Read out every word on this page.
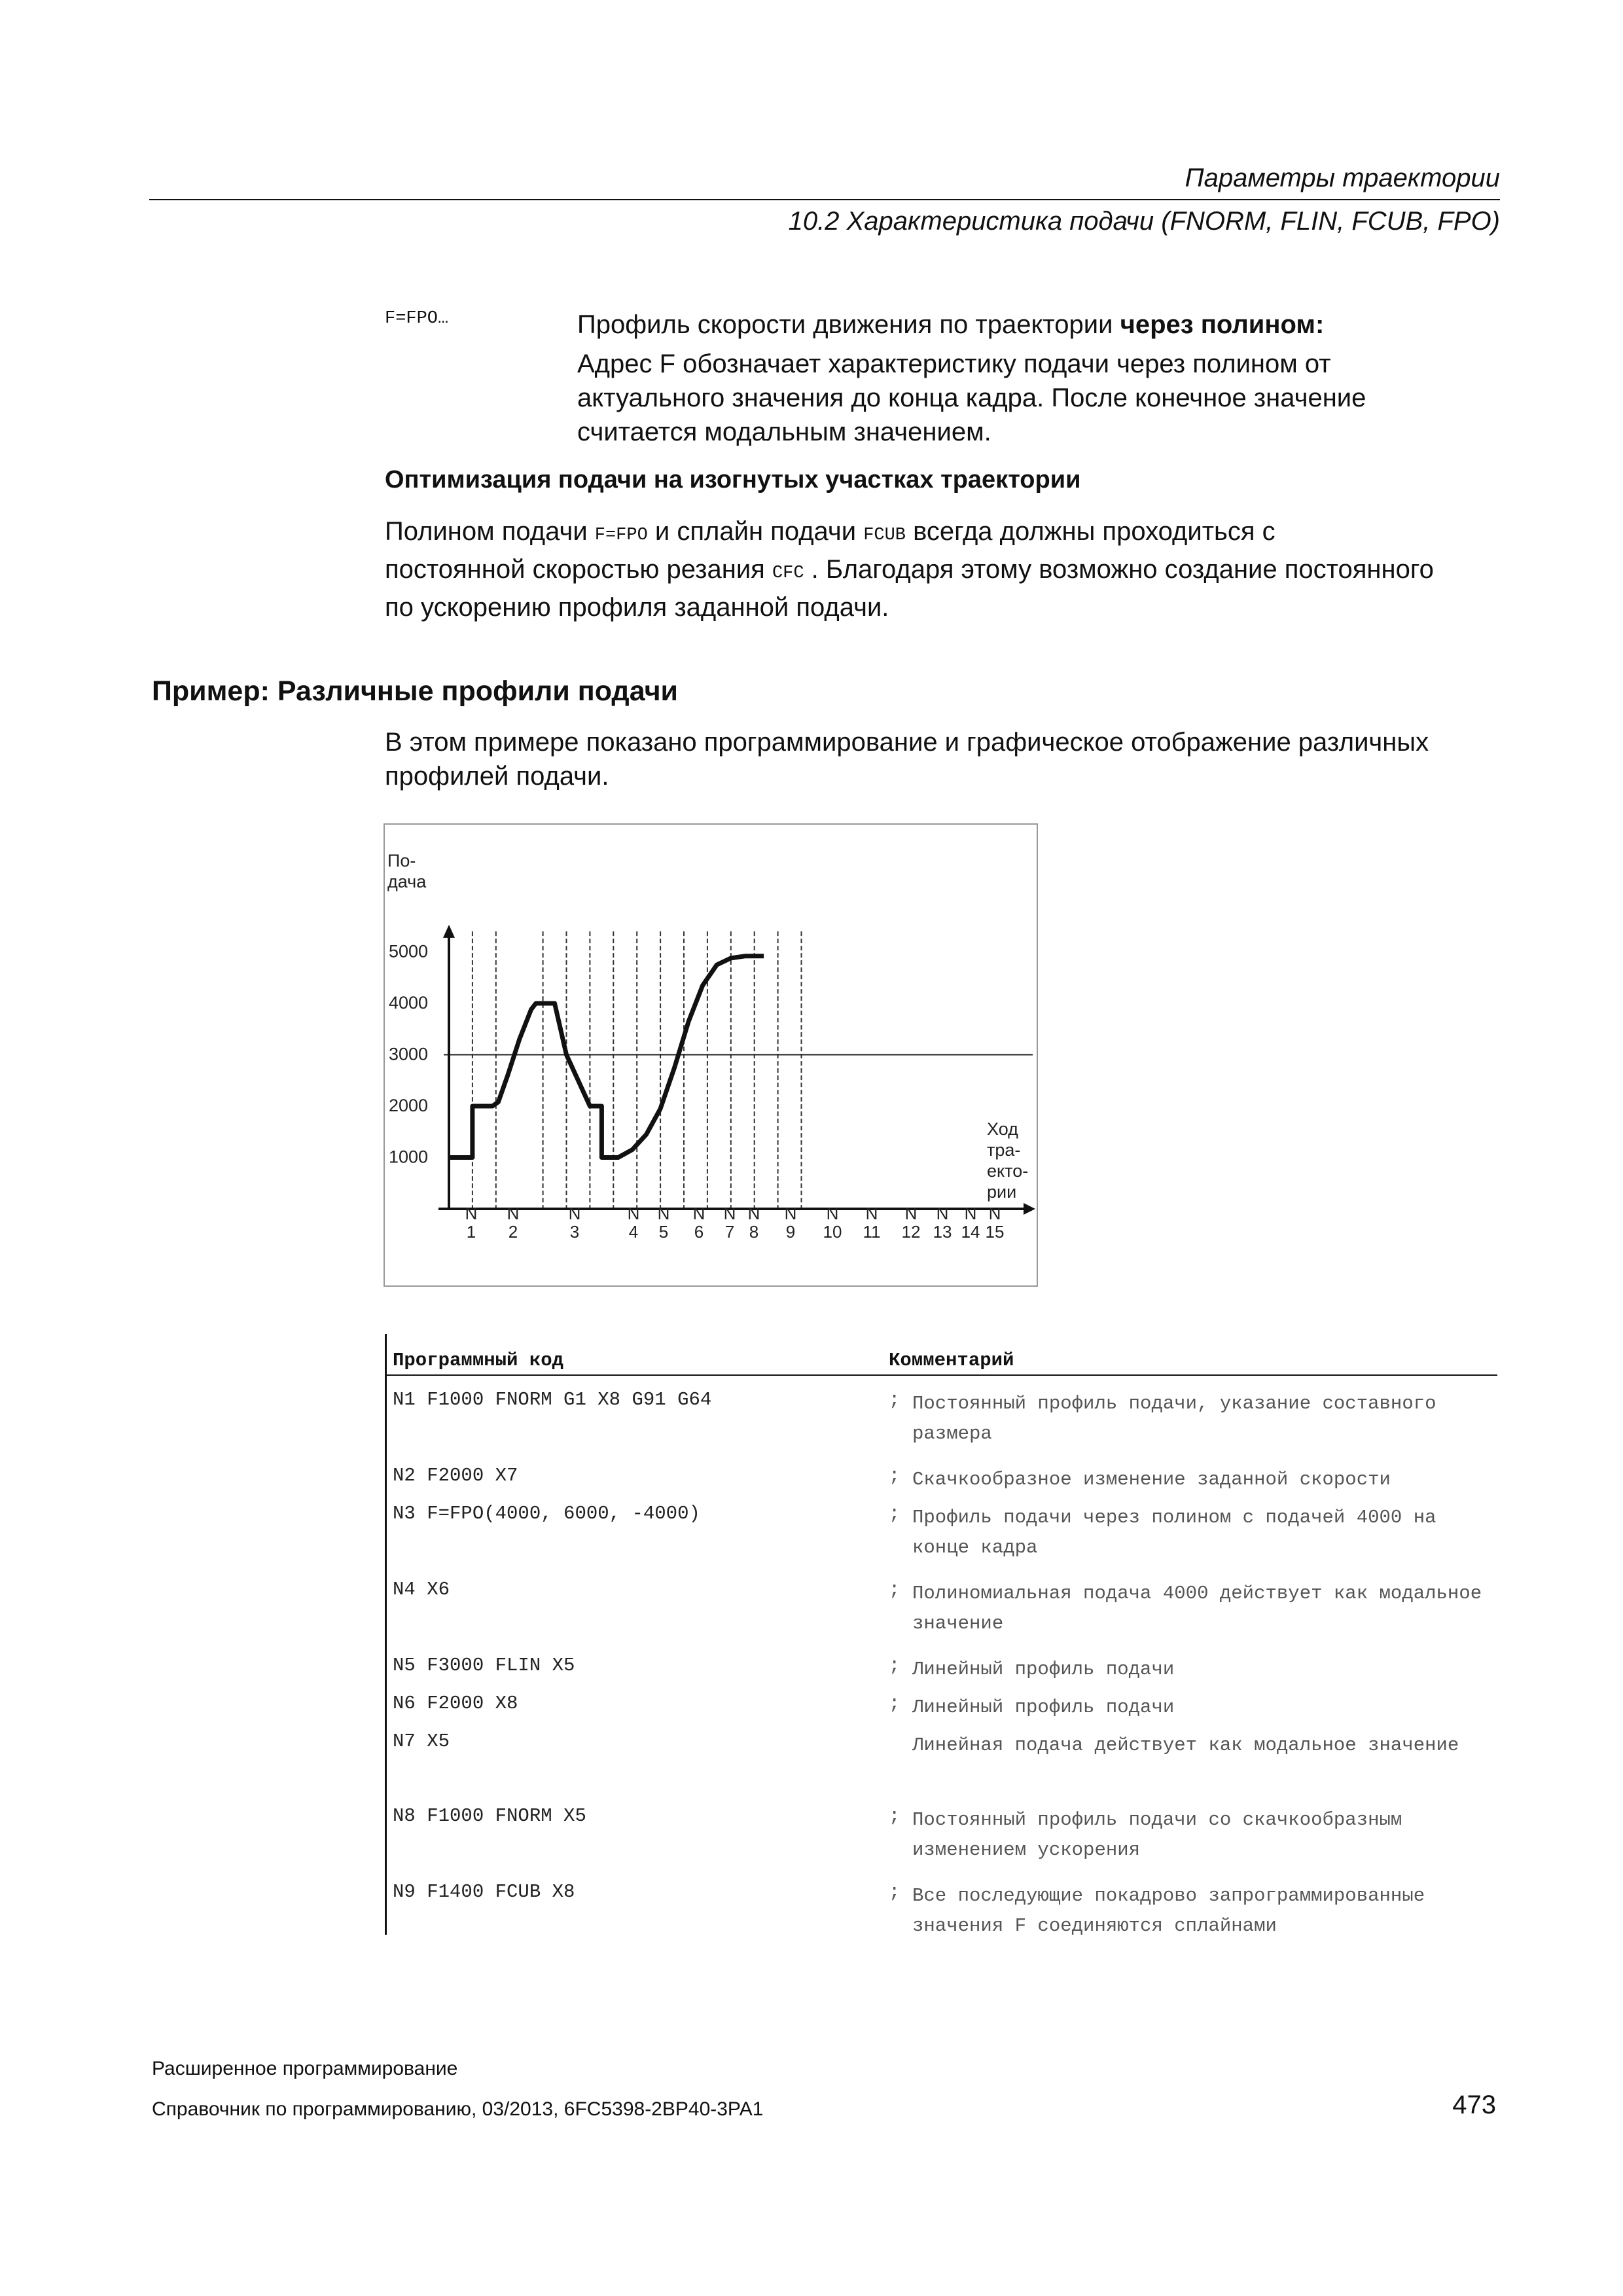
Параметры траектории
10.2 Характеристика подачи (FNORM, FLIN, FCUB, FPO)
F=FPO…	Профиль скорости движения по траектории через полином:
Адрес F обозначает характеристику подачи через полином от
актуального значения до конца кадра. После конечное значение
считается модальным значением.
Оптимизация подачи на изогнутых участках траектории
Полином подачи F=FPO и сплайн подачи FCUB всегда должны проходиться с
постоянной скоростью резания CFC . Благодаря этому возможно создание постоянного
по ускорению профиля заданной подачи.
Пример: Различные профили подачи
В этом примере показано программирование и графическое отображение различных
профилей подачи.
1000
2000
3000
4000
5000
По-
дача
Ход
тра-
екто-
рии
N
1
N
2
N
3
N
4
N
5
N
6
N
7
N
8
N
9
N
10
N
11
N
12
N
13
N
14
N
15
Программный код	Комментарий
N1 F1000 FNORM G1 X8 G91 G64	; Постоянный профиль подачи, указание составного размера
N2 F2000 X7	; Скачкообразное изменение заданной скорости
N3 F=FPO(4000, 6000, -4000)	; Профиль подачи через полином с подачей 4000 на конце кадра
N4 X6	; Полиномиальная подача 4000 действует как модальное значение
N5 F3000 FLIN X5	; Линейный профиль подачи
N6 F2000 X8	; Линейный профиль подачи
N7 X5	Линейная подача действует как модальное значение
N8 F1000 FNORM X5	; Постоянный профиль подачи со скачкообразным изменением ускорения
N9 F1400 FCUB X8	; Все последующие покадрово запрограммированные значения F соединяются сплайнами
Расширенное программирование
Справочник по программированию, 03/2013, 6FC5398-2BP40-3PA1	473
